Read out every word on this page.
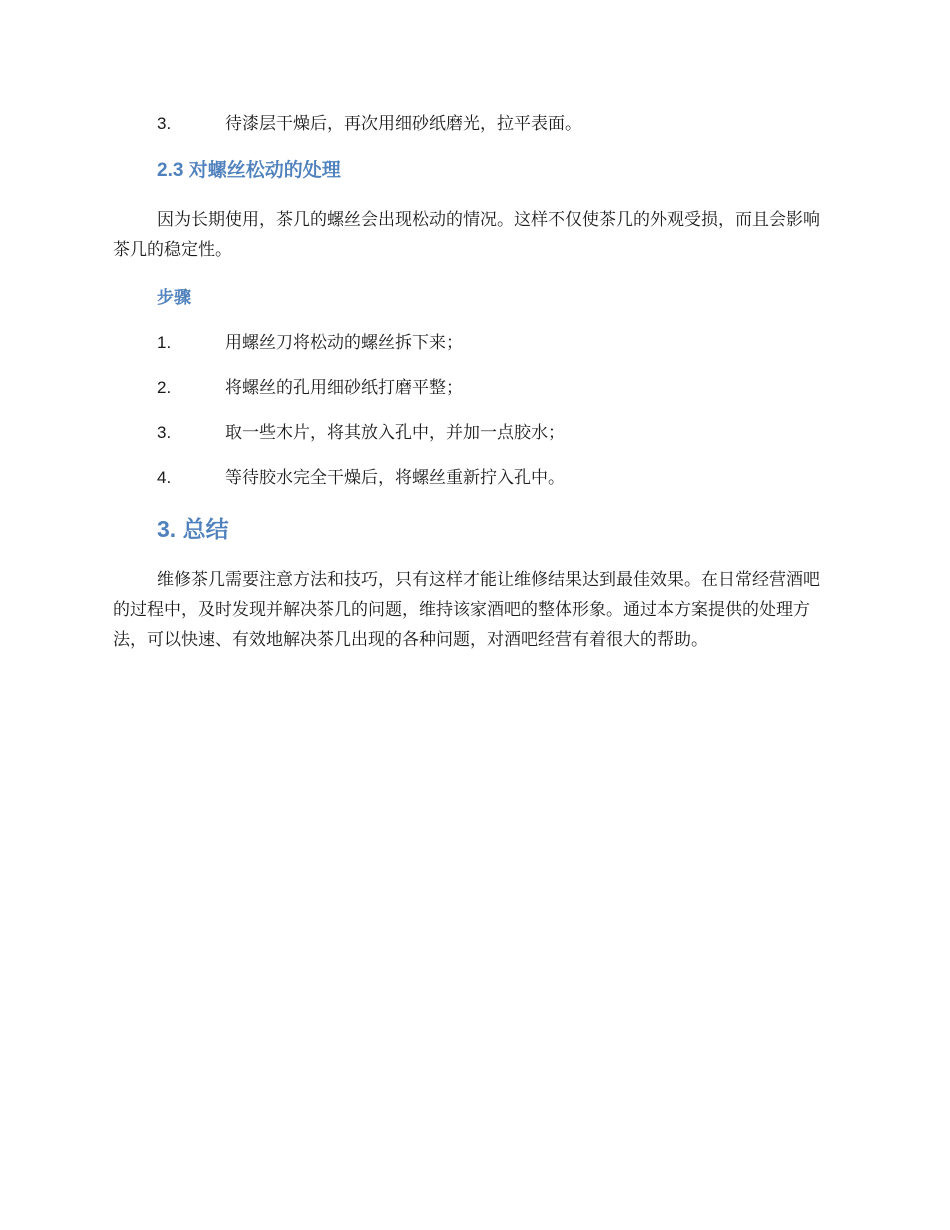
3.	待漆层干燥后，再次用细砂纸磨光，拉平表面。
2.3 对螺丝松动的处理

因为长期使用，茶几的螺丝会出现松动的情况。这样不仅使茶几的外观受损，而且会影响茶几的稳定性。

步骤
1.	用螺丝刀将松动的螺丝拆下来；
2.	将螺丝的孔用细砂纸打磨平整；
3.	取一些木片，将其放入孔中，并加一点胶水；
4.	等待胶水完全干燥后，将螺丝重新拧入孔中。
3. 总结

维修茶几需要注意方法和技巧，只有这样才能让维修结果达到最佳效果。在日常经营酒吧的过程中，及时发现并解决茶几的问题，维持该家酒吧的整体形象。通过本方案提供的处理方法，可以快速、有效地解决茶几出现的各种问题，对酒吧经营有着很大的帮助。
